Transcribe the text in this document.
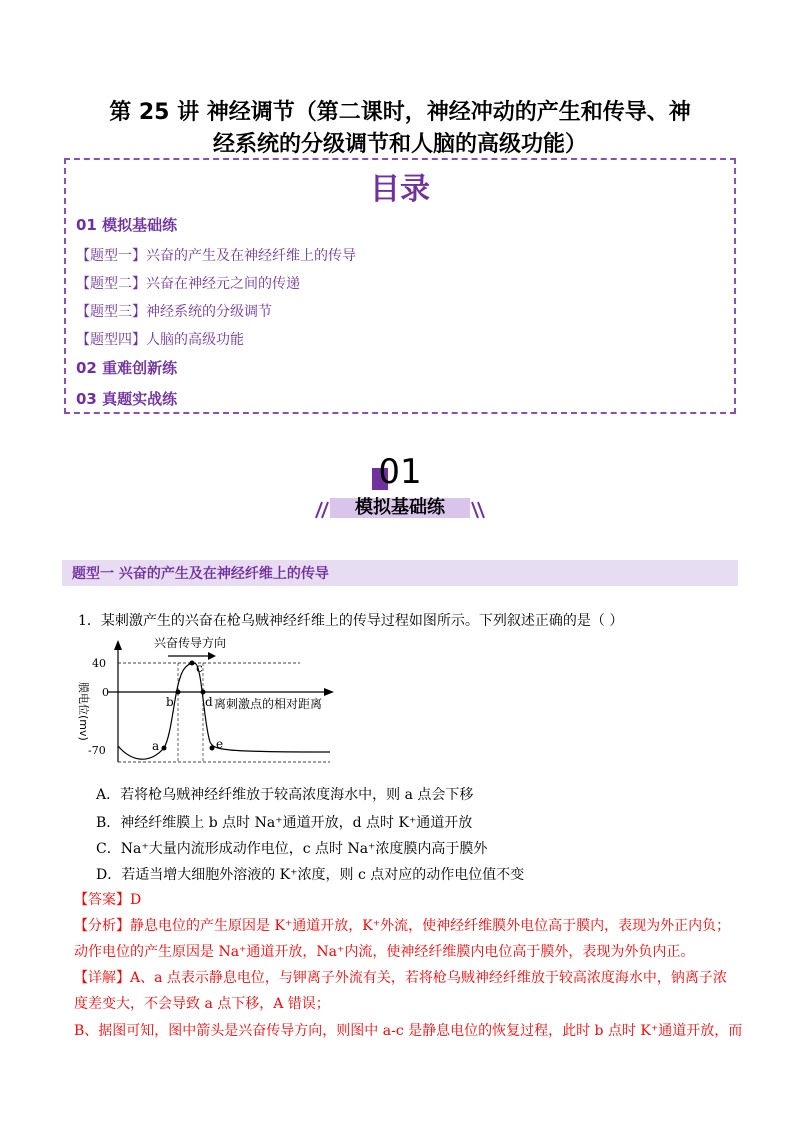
第 25 讲 神经调节（第二课时，神经冲动的产生和传导、神
经系统的分级调节和人脑的高级功能）
目录
01 模拟基础练
【题型一】兴奋的产生及在神经纤维上的传导
【题型二】兴奋在神经元之间的传递
【题型三】神经系统的分级调节
【题型四】人脑的高级功能
02 重难创新练
03 真题实战练
01
模拟基础练
题型一 兴奋的产生及在神经纤维上的传导
1．某刺激产生的兴奋在枪乌贼神经纤维上的传导过程如图所示。下列叙述正确的是（ ）
兴奋传导方向
40
0
-70
膜电位(mv)	离刺激点的相对距离
a
b
c
d
e
A．若将枪乌贼神经纤维放于较高浓度海水中，则 a 点会下移
B．神经纤维膜上 b 点时 Na⁺通道开放，d 点时 K⁺通道开放
C．Na⁺大量内流形成动作电位，c 点时 Na⁺浓度膜内高于膜外
D．若适当增大细胞外溶液的 K⁺浓度，则 c 点对应的动作电位值不变
【答案】D
【分析】静息电位的产生原因是 K⁺通道开放，K⁺外流，使神经纤维膜外电位高于膜内，表现为外正内负；
动作电位的产生原因是 Na⁺通道开放，Na⁺内流，使神经纤维膜内电位高于膜外，表现为外负内正。
【详解】A、a 点表示静息电位，与钾离子外流有关，若将枪乌贼神经纤维放于较高浓度海水中，钠离子浓
度差变大，不会导致 a 点下移，A 错误；
B、据图可知，图中箭头是兴奋传导方向，则图中 a-c 是静息电位的恢复过程，此时 b 点时 K⁺通道开放，而
